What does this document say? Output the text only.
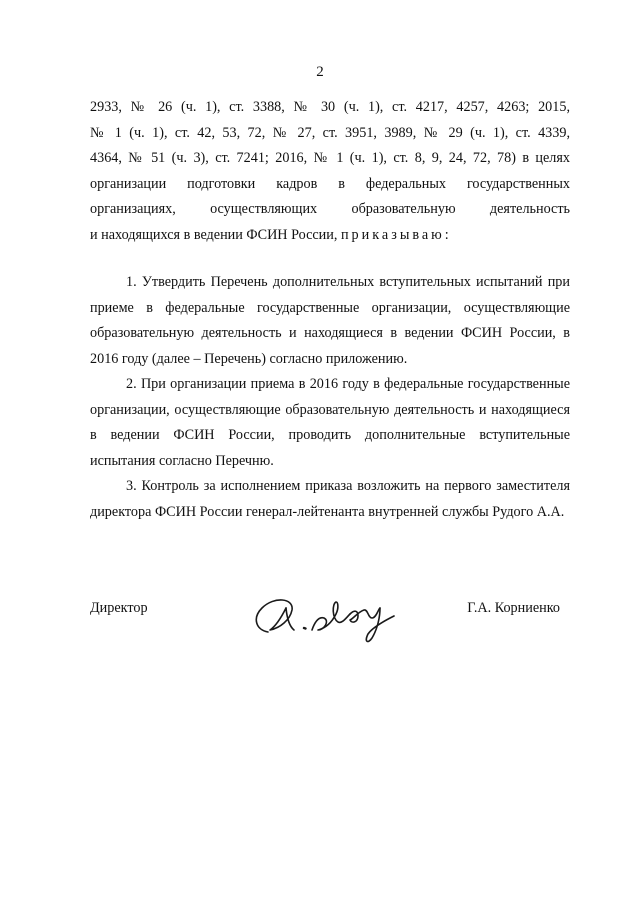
2

2933, № 26 (ч. 1), ст. 3388, № 30 (ч. 1), ст. 4217, 4257, 4263; 2015,

№ 1 (ч. 1), ст. 42, 53, 72, № 27, ст. 3951, 3989, № 29 (ч. 1), ст. 4339,

4364, № 51 (ч. 3), ст. 7241; 2016, № 1 (ч. 1), ст. 8, 9, 24, 72, 78) в целях

организации подготовки кадров в федеральных государственных

организациях, осуществляющих образовательную деятельность

и находящихся в ведении ФСИН России, приказываю:

1. Утвердить Перечень дополнительных вступительных испытаний при приеме в федеральные государственные организации, осуществляющие образовательную деятельность и находящиеся в ведении ФСИН России, в 2016 году (далее – Перечень) согласно приложению.

2. При организации приема в 2016 году в федеральные государственные организации, осуществляющие образовательную деятельность и находящиеся в ведении ФСИН России, проводить дополнительные вступительные испытания согласно Перечню.

3. Контроль за исполнением приказа возложить на первого заместителя директора ФСИН России генерал-лейтенанта внутренней службы Рудого А.А.

Директор	Г.А. Корниенко
